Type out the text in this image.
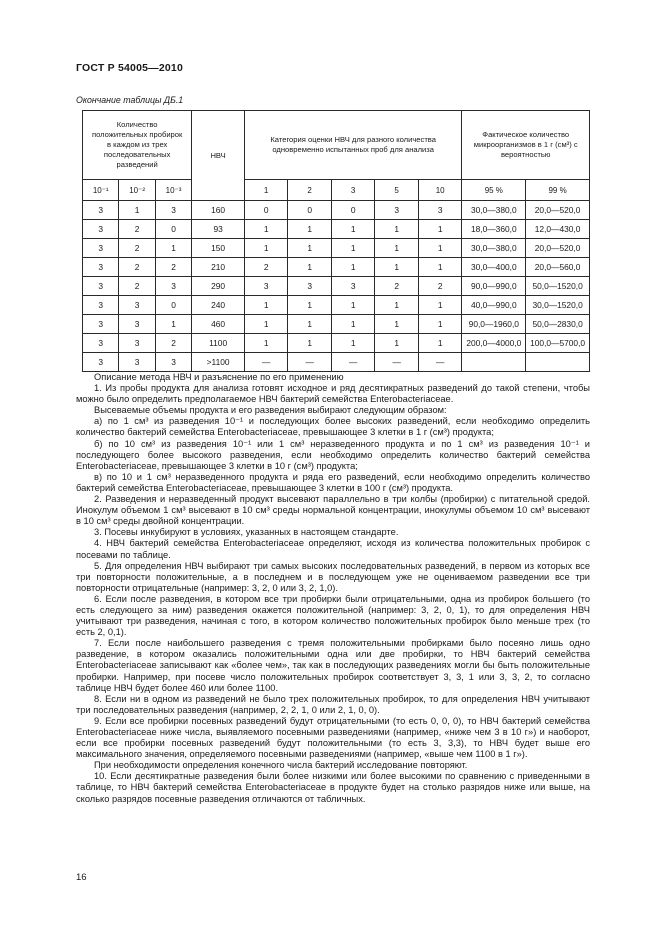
ГОСТ Р 54005—2010
Окончание таблицы ДБ.1
Количество положительных пробирок в каждом из трех последовательных разведений			НВЧ	Категория оценки НВЧ для разного количества одновременно испытанных проб для анализа					Фактическое количество микроорганизмов в 1 г (см³) с вероятностью	
10⁻¹	10⁻²	10⁻³		1	2	3	5	10	95 %	99 %
3	1	3	160	0	0	0	3	3	30,0—380,0	20,0—520,0
3	2	0	93	1	1	1	1	1	18,0—360,0	12,0—430,0
3	2	1	150	1	1	1	1	1	30,0—380,0	20,0—520,0
3	2	2	210	2	1	1	1	1	30,0—400,0	20,0—560,0
3	2	3	290	3	3	3	2	2	90,0—990,0	50,0—1520,0
3	3	0	240	1	1	1	1	1	40,0—990,0	30,0—1520,0
3	3	1	460	1	1	1	1	1	90,0—1960,0	50,0—2830,0
3	3	2	1100	1	1	1	1	1	200,0—4000,0	100,0—5700,0
3	3	3	>1100	—	—	—	—	—		

Описание метода НВЧ и разъяснение по его применению

1. Из пробы продукта для анализа готовят исходное и ряд десятикратных разведений до такой степени, чтобы можно было определить предполагаемое НВЧ бактерий семейства Enterobacteriaceae.

Высеваемые объемы продукта и его разведения выбирают следующим образом:

а) по 1 см³ из разведения 10⁻¹ и последующих более высоких разведений, если необходимо определить количество бактерий семейства Enterobacteriaceae, превышающее 3 клетки в 1 г (см³) продукта;

б) по 10 см³ из разведения 10⁻¹ или 1 см³ неразведенного продукта и по 1 см³ из разведения 10⁻¹ и последующего более высокого разведения, если необходимо определить количество бактерий семейства Enterobacteriaceae, превышающее 3 клетки в 10 г (см³) продукта;

в) по 10 и 1 см³ неразведенного продукта и ряда его разведений, если необходимо определить количество бактерий семейства Enterobacteriaceae, превышающее 3 клетки в 100 г (см³) продукта.

2. Разведения и неразведенный продукт высевают параллельно в три колбы (пробирки) с питательной средой. Инокулум объемом 1 см³ высевают в 10 см³ среды нормальной концентрации, инокулумы объемом 10 см³ высевают в 10 см³ среды двойной концентрации.

3. Посевы инкубируют в условиях, указанных в настоящем стандарте.

4. НВЧ бактерий семейства Enterobacteriaceae определяют, исходя из количества положительных пробирок с посевами по таблице.

5. Для определения НВЧ выбирают три самых высоких последовательных разведений, в первом из которых все три повторности положительные, а в последнем и в последующем уже не оцениваемом разведении все три повторности отрицательные (например: 3, 2, 0 или 3, 2, 1,0).

6. Если после разведения, в котором все три пробирки были отрицательными, одна из пробирок большего (то есть следующего за ним) разведения окажется положительной (например: 3, 2, 0, 1), то для определения НВЧ учитывают три разведения, начиная с того, в котором количество положительных пробирок было меньше трех (то есть 2, 0,1).

7. Если после наибольшего разведения с тремя положительными пробирками было посеяно лишь одно разведение, в котором оказались положительными одна или две пробирки, то НВЧ бактерий семейства Enterobacteriaceae записывают как «более чем», так как в последующих разведениях могли бы быть положительные пробирки. Например, при посеве число положительных пробирок соответствует 3, 3, 1 или 3, 3, 2, то согласно таблице НВЧ будет более 460 или более 1100.

8. Если ни в одном из разведений не было трех положительных пробирок, то для определения НВЧ учитывают три последовательных разведения (например, 2, 2, 1, 0 или 2, 1, 0, 0).

9. Если все пробирки посевных разведений будут отрицательными (то есть 0, 0, 0), то НВЧ бактерий семейства Enterobacteriaceae ниже числа, выявляемого посевными разведениями (например, «ниже чем 3 в 10 г») и наоборот, если все пробирки посевных разведений будут положительными (то есть 3, 3,3), то НВЧ будет выше его максимального значения, определяемого посевными разведениями (например, «выше чем 1100 в 1 г»).

При необходимости определения конечного числа бактерий исследование повторяют.

10. Если десятикратные разведения были более низкими или более высокими по сравнению с приведенными в таблице, то НВЧ бактерий семейства Enterobacteriaceae в продукте будет на столько разрядов ниже или выше, на сколько разрядов посевные разведения отличаются от табличных.

16
